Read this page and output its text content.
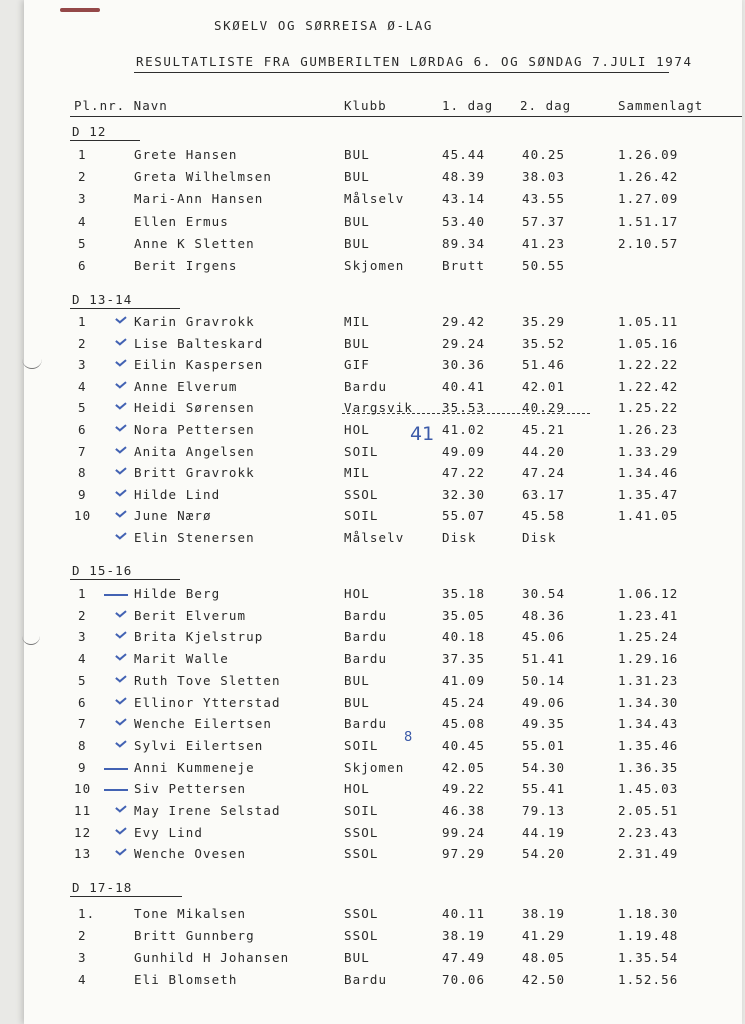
SKØELV OG SØRREISA Ø-LAG
RESULTATLISTE FRA GUMBERILTEN LØRDAG 6. OG SØNDAG 7.JULI 1974
Pl.nr. Navn	Klubb	1. dag 2. dag	Sammenlagt
D 12
1	Grete Hansen	BUL	45.44	40.25	1.26.09
2	Greta Wilhelmsen	BUL	48.39	38.03	1.26.42
3	Mari-Ann Hansen	Målselv	43.14	43.55	1.27.09
4	Ellen Ermus	BUL	53.40	57.37	1.51.17
5	Anne K Sletten	BUL	89.34	41.23	2.10.57
6	Berit Irgens	Skjomen	Brutt	50.55
D 13-14
1	Karin Gravrokk	MIL	29.42	35.29	1.05.11
2	Lise Balteskard	BUL	29.24	35.52	1.05.16
3	Eilin Kaspersen	GIF	30.36	51.46	1.22.22
4	Anne Elverum	Bardu	40.41	42.01	1.22.42
5	Heidi Sørensen	Vargsvik 35.53	40.29	1.25.22
6	Nora Pettersen	HOL	41.02	45.21	1.26.23
7	Anita Angelsen	SOIL	49.09	44.20	1.33.29
8	Britt Gravrokk	MIL	47.22	47.24	1.34.46
9	Hilde Lind	SSOL	32.30	63.17	1.35.47
10	June Nærø	SOIL	55.07	45.58	1.41.05
Elin Stenersen	Målselv	Disk	Disk
D 15-16
1	Hilde Berg	HOL	35.18	30.54	1.06.12
2	Berit Elverum	Bardu	35.05	48.36	1.23.41
3	Brita Kjelstrup	Bardu	40.18	45.06	1.25.24
4	Marit Walle	Bardu	37.35	51.41	1.29.16
5	Ruth Tove Sletten	BUL	41.09	50.14	1.31.23
6	Ellinor Ytterstad	BUL	45.24	49.06	1.34.30
7	Wenche Eilertsen	Bardu	45.08	49.35	1.34.43
8	Sylvi Eilertsen	SOIL	40.45	55.01	1.35.46
9	Anni Kummeneje	Skjomen	42.05	54.30	1.36.35
10	Siv Pettersen	HOL	49.22	55.41	1.45.03
11	May Irene Selstad	SOIL	46.38	79.13	2.05.51
12	Evy Lind	SSOL	99.24	44.19	2.23.43
13	Wenche Ovesen	SSOL	97.29	54.20	2.31.49
D 17-18
1.	Tone Mikalsen	SSOL	40.11	38.19	1.18.30
2	Britt Gunnberg	SSOL	38.19	41.29	1.19.48
3	Gunhild H Johansen	BUL	47.49	48.05	1.35.54
4	Eli Blomseth	Bardu	70.06	42.50	1.52.56
41
8
